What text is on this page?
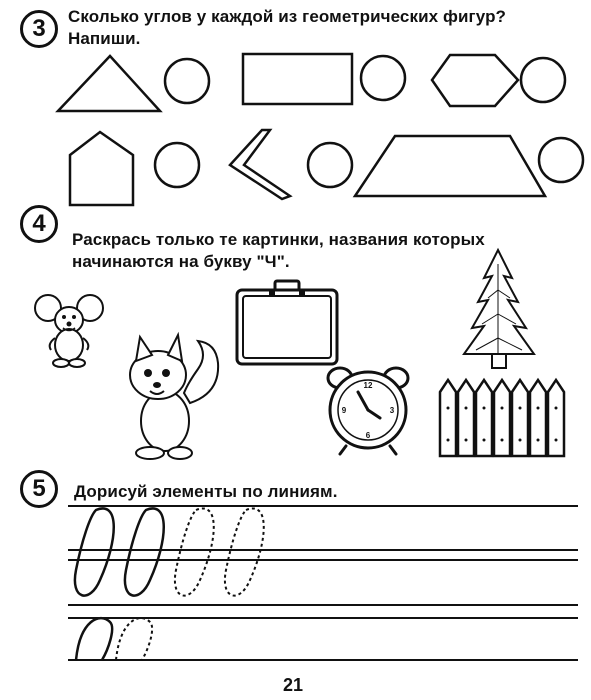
3 Сколько углов у каждой из геометрических фигур?
Напиши.
4
Раскрась только те картинки, названия которых
начинаются на букву "Ч".
12
6
9	3
5 Дорисуй элементы по линиям.
21
